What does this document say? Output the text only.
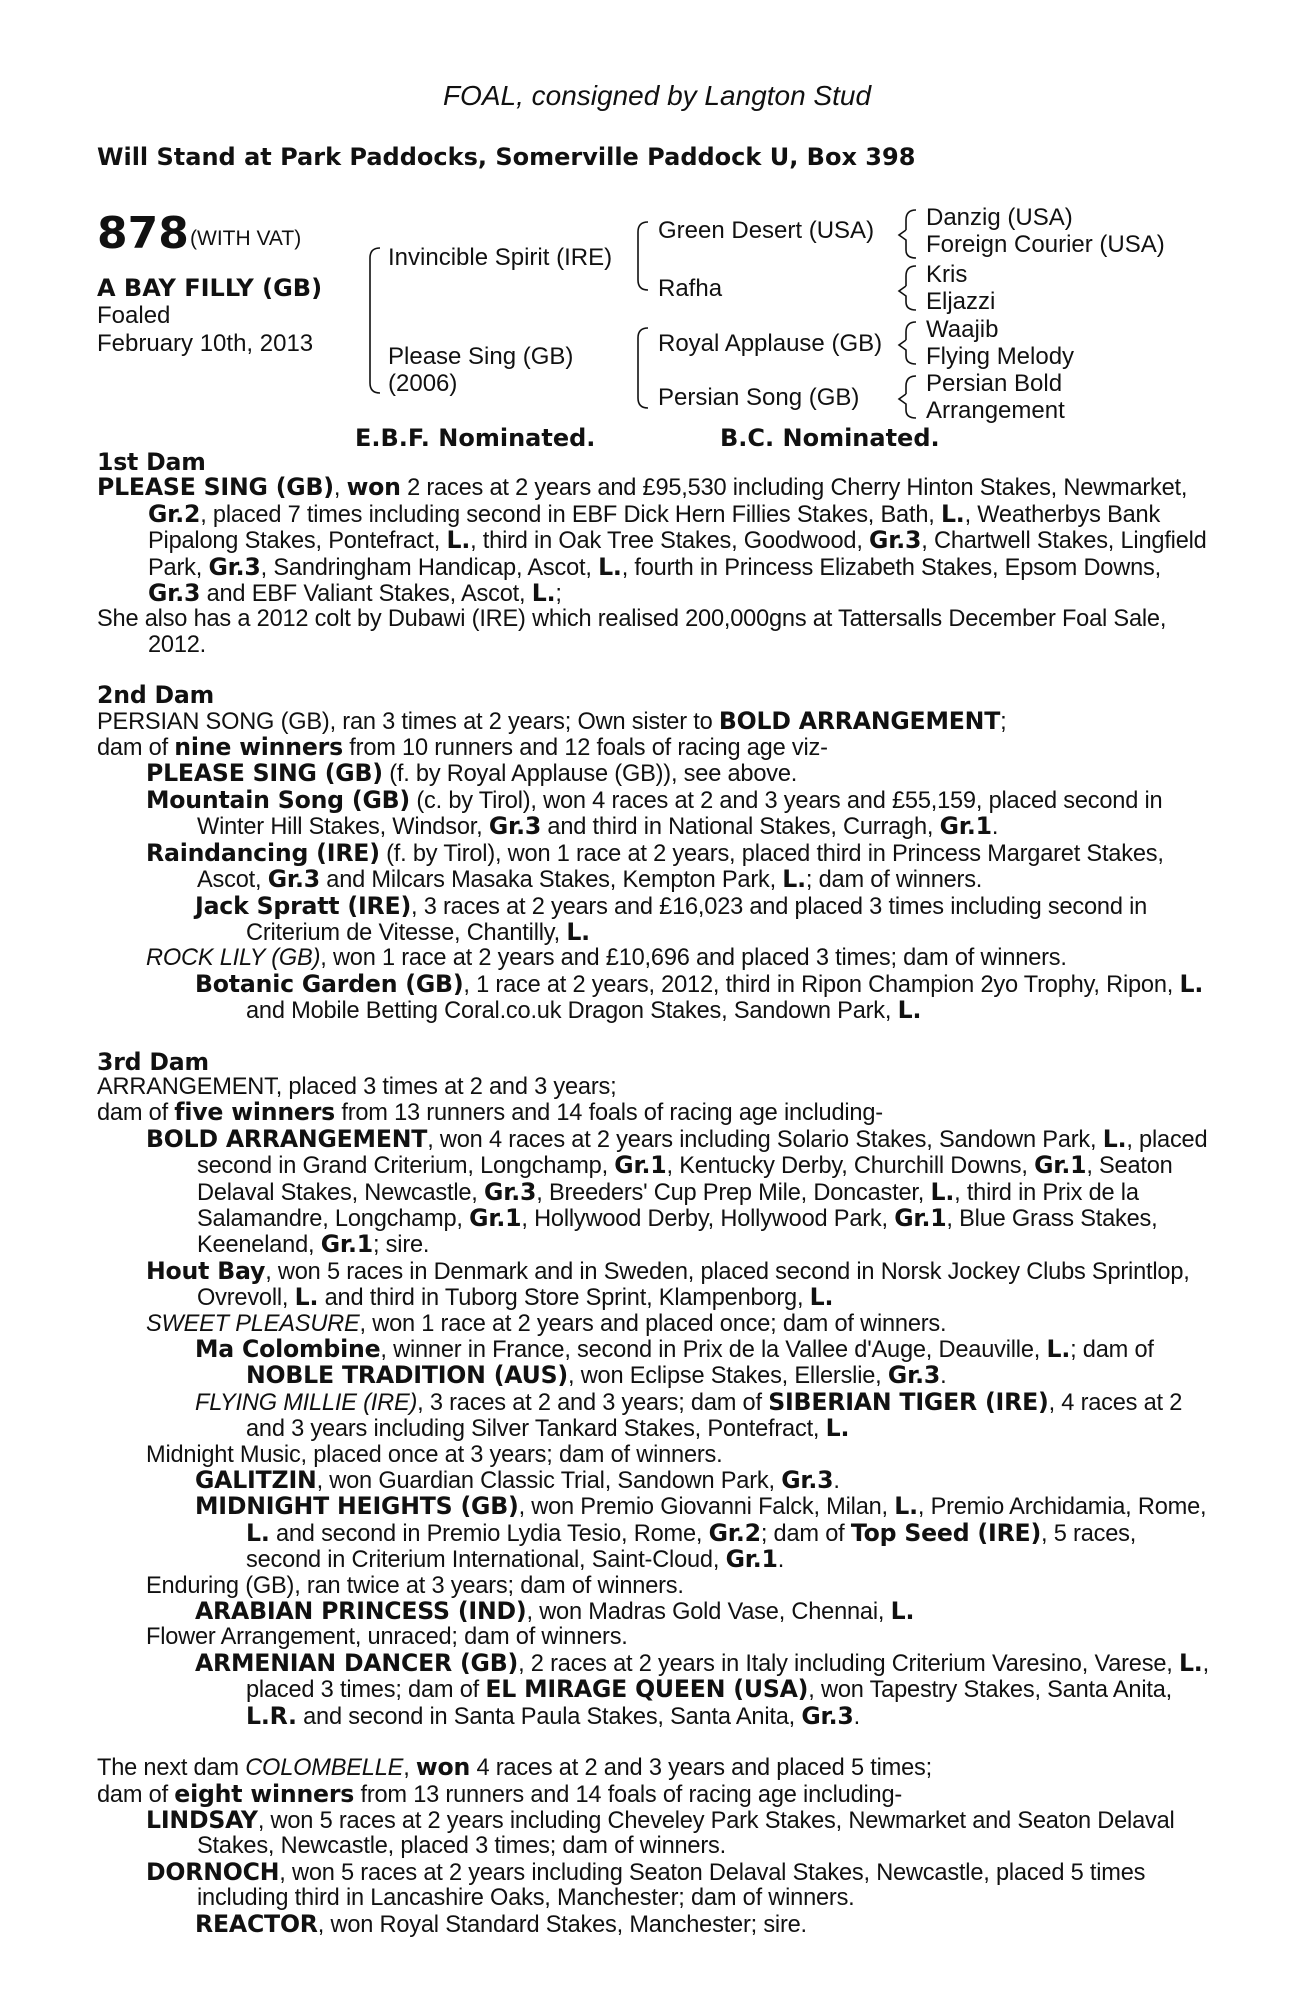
FOAL, consigned by Langton Stud
Will Stand at Park Paddocks, Somerville Paddock U, Box 398
878 (WITH VAT)
A BAY FILLY (GB)
Foaled
February 10th, 2013
Invincible Spirit (IRE)
Please Sing (GB)
(2006)
Green Desert (USA)
Rafha
Royal Applause (GB)
Persian Song (GB)
Danzig (USA)
Foreign Courier (USA)
Kris
Eljazzi
Waajib
Flying Melody
Persian Bold
Arrangement
E.B.F. Nominated.	B.C. Nominated.

1st Dam

PLEASE SING (GB), won 2 races at 2 years and £95,530 including Cherry Hinton Stakes, Newmarket, Gr.2, placed 7 times including second in EBF Dick Hern Fillies Stakes, Bath, L., Weatherbys Bank Pipalong Stakes, Pontefract, L., third in Oak Tree Stakes, Goodwood, Gr.3, Chartwell Stakes, Lingfield Park, Gr.3, Sandringham Handicap, Ascot, L., fourth in Princess Elizabeth Stakes, Epsom Downs, Gr.3 and EBF Valiant Stakes, Ascot, L.;

She also has a 2012 colt by Dubawi (IRE) which realised 200,000gns at Tattersalls December Foal Sale, 2012.

2nd Dam

PERSIAN SONG (GB), ran 3 times at 2 years; Own sister to BOLD ARRANGEMENT;

dam of nine winners from 10 runners and 12 foals of racing age viz-

PLEASE SING (GB) (f. by Royal Applause (GB)), see above.

Mountain Song (GB) (c. by Tirol), won 4 races at 2 and 3 years and £55,159, placed second in Winter Hill Stakes, Windsor, Gr.3 and third in National Stakes, Curragh, Gr.1.

Raindancing (IRE) (f. by Tirol), won 1 race at 2 years, placed third in Princess Margaret Stakes, Ascot, Gr.3 and Milcars Masaka Stakes, Kempton Park, L.; dam of winners.

Jack Spratt (IRE), 3 races at 2 years and £16,023 and placed 3 times including second in Criterium de Vitesse, Chantilly, L.

ROCK LILY (GB), won 1 race at 2 years and £10,696 and placed 3 times; dam of winners.

Botanic Garden (GB), 1 race at 2 years, 2012, third in Ripon Champion 2yo Trophy, Ripon, L. and Mobile Betting Coral.co.uk Dragon Stakes, Sandown Park, L.

3rd Dam

ARRANGEMENT, placed 3 times at 2 and 3 years;

dam of five winners from 13 runners and 14 foals of racing age including-

BOLD ARRANGEMENT, won 4 races at 2 years including Solario Stakes, Sandown Park, L., placed second in Grand Criterium, Longchamp, Gr.1, Kentucky Derby, Churchill Downs, Gr.1, Seaton Delaval Stakes, Newcastle, Gr.3, Breeders' Cup Prep Mile, Doncaster, L., third in Prix de la Salamandre, Longchamp, Gr.1, Hollywood Derby, Hollywood Park, Gr.1, Blue Grass Stakes, Keeneland, Gr.1; sire.

Hout Bay, won 5 races in Denmark and in Sweden, placed second in Norsk Jockey Clubs Sprintlop, Ovrevoll, L. and third in Tuborg Store Sprint, Klampenborg, L.

SWEET PLEASURE, won 1 race at 2 years and placed once; dam of winners.

Ma Colombine, winner in France, second in Prix de la Vallee d'Auge, Deauville, L.; dam of NOBLE TRADITION (AUS), won Eclipse Stakes, Ellerslie, Gr.3.

FLYING MILLIE (IRE), 3 races at 2 and 3 years; dam of SIBERIAN TIGER (IRE), 4 races at 2 and 3 years including Silver Tankard Stakes, Pontefract, L.

Midnight Music, placed once at 3 years; dam of winners.

GALITZIN, won Guardian Classic Trial, Sandown Park, Gr.3.

MIDNIGHT HEIGHTS (GB), won Premio Giovanni Falck, Milan, L., Premio Archidamia, Rome, L. and second in Premio Lydia Tesio, Rome, Gr.2; dam of Top Seed (IRE), 5 races, second in Criterium International, Saint-Cloud, Gr.1.

Enduring (GB), ran twice at 3 years; dam of winners.

ARABIAN PRINCESS (IND), won Madras Gold Vase, Chennai, L.

Flower Arrangement, unraced; dam of winners.

ARMENIAN DANCER (GB), 2 races at 2 years in Italy including Criterium Varesino, Varese, L., placed 3 times; dam of EL MIRAGE QUEEN (USA), won Tapestry Stakes, Santa Anita, L.R. and second in Santa Paula Stakes, Santa Anita, Gr.3.

The next dam COLOMBELLE, won 4 races at 2 and 3 years and placed 5 times;

dam of eight winners from 13 runners and 14 foals of racing age including-

LINDSAY, won 5 races at 2 years including Cheveley Park Stakes, Newmarket and Seaton Delaval Stakes, Newcastle, placed 3 times; dam of winners.

DORNOCH, won 5 races at 2 years including Seaton Delaval Stakes, Newcastle, placed 5 times including third in Lancashire Oaks, Manchester; dam of winners.

REACTOR, won Royal Standard Stakes, Manchester; sire.
